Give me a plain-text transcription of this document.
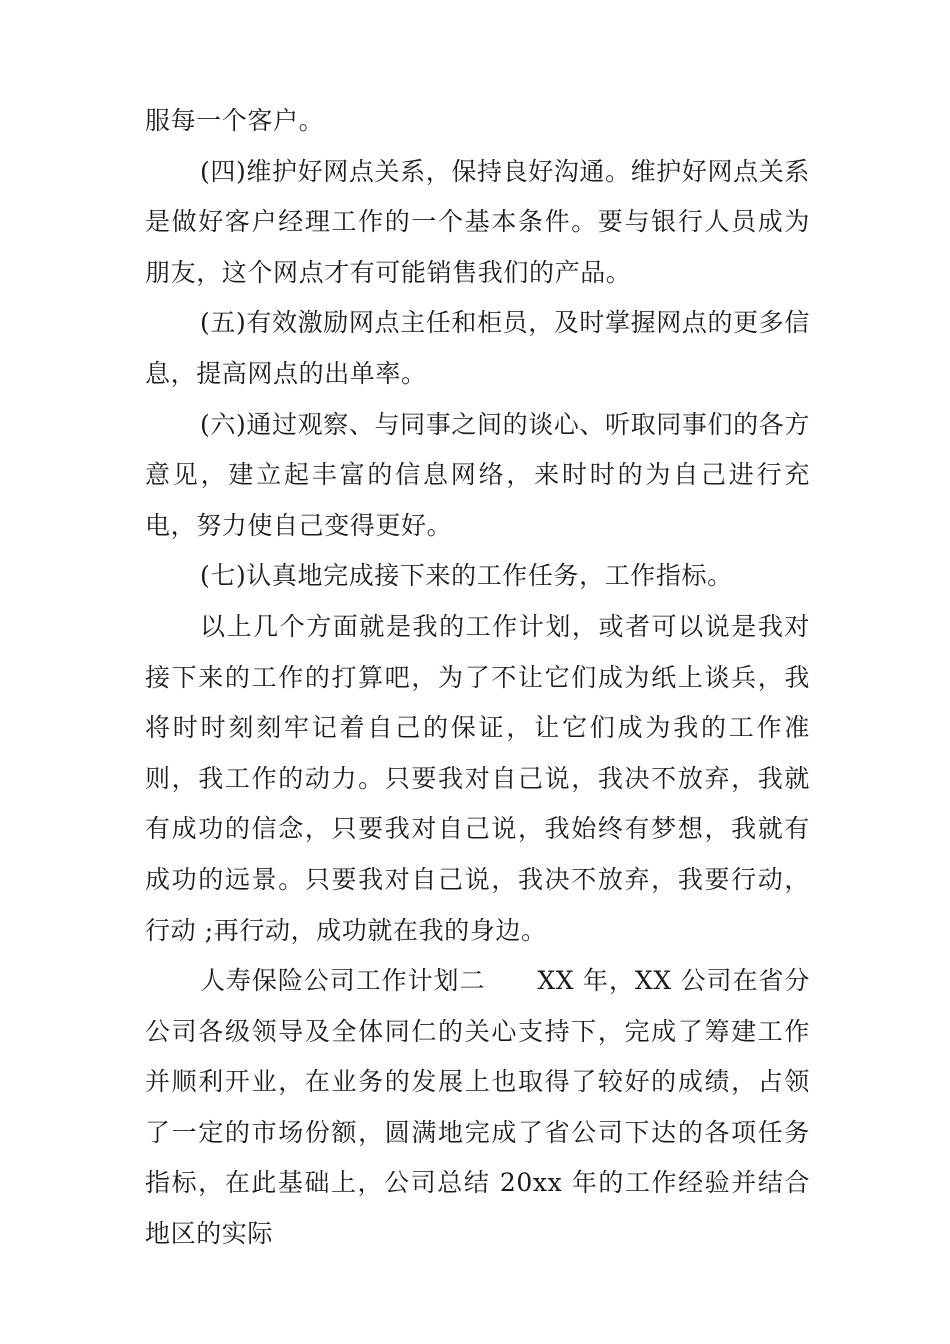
服每一个客户。

(四)维护好网点关系，保持良好沟通。维护好网点关系是做好客户经理工作的一个基本条件。要与银行人员成为朋友，这个网点才有可能销售我们的产品。

(五)有效激励网点主任和柜员，及时掌握网点的更多信息，提高网点的出单率。

(六)通过观察、与同事之间的谈心、听取同事们的各方意见，建立起丰富的信息网络，来时时的为自己进行充电，努力使自己变得更好。

(七)认真地完成接下来的工作任务，工作指标。

以上几个方面就是我的工作计划，或者可以说是我对接下来的工作的打算吧，为了不让它们成为纸上谈兵，我将时时刻刻牢记着自己的保证，让它们成为我的工作准则，我工作的动力。只要我对自己说，我决不放弃，我就有成功的信念，只要我对自己说，我始终有梦想，我就有成功的远景。只要我对自己说，我决不放弃，我要行动，行动 ;再行动，成功就在我的身边。

人寿保险公司工作计划二　　XX 年，XX 公司在省分公司各级领导及全体同仁的关心支持下，完成了筹建工作并顺利开业，在业务的发展上也取得了较好的成绩，占领了一定的市场份额，圆满地完成了省公司下达的各项任务指标，在此基础上，公司总结 20xx 年的工作经验并结合地区的实际
